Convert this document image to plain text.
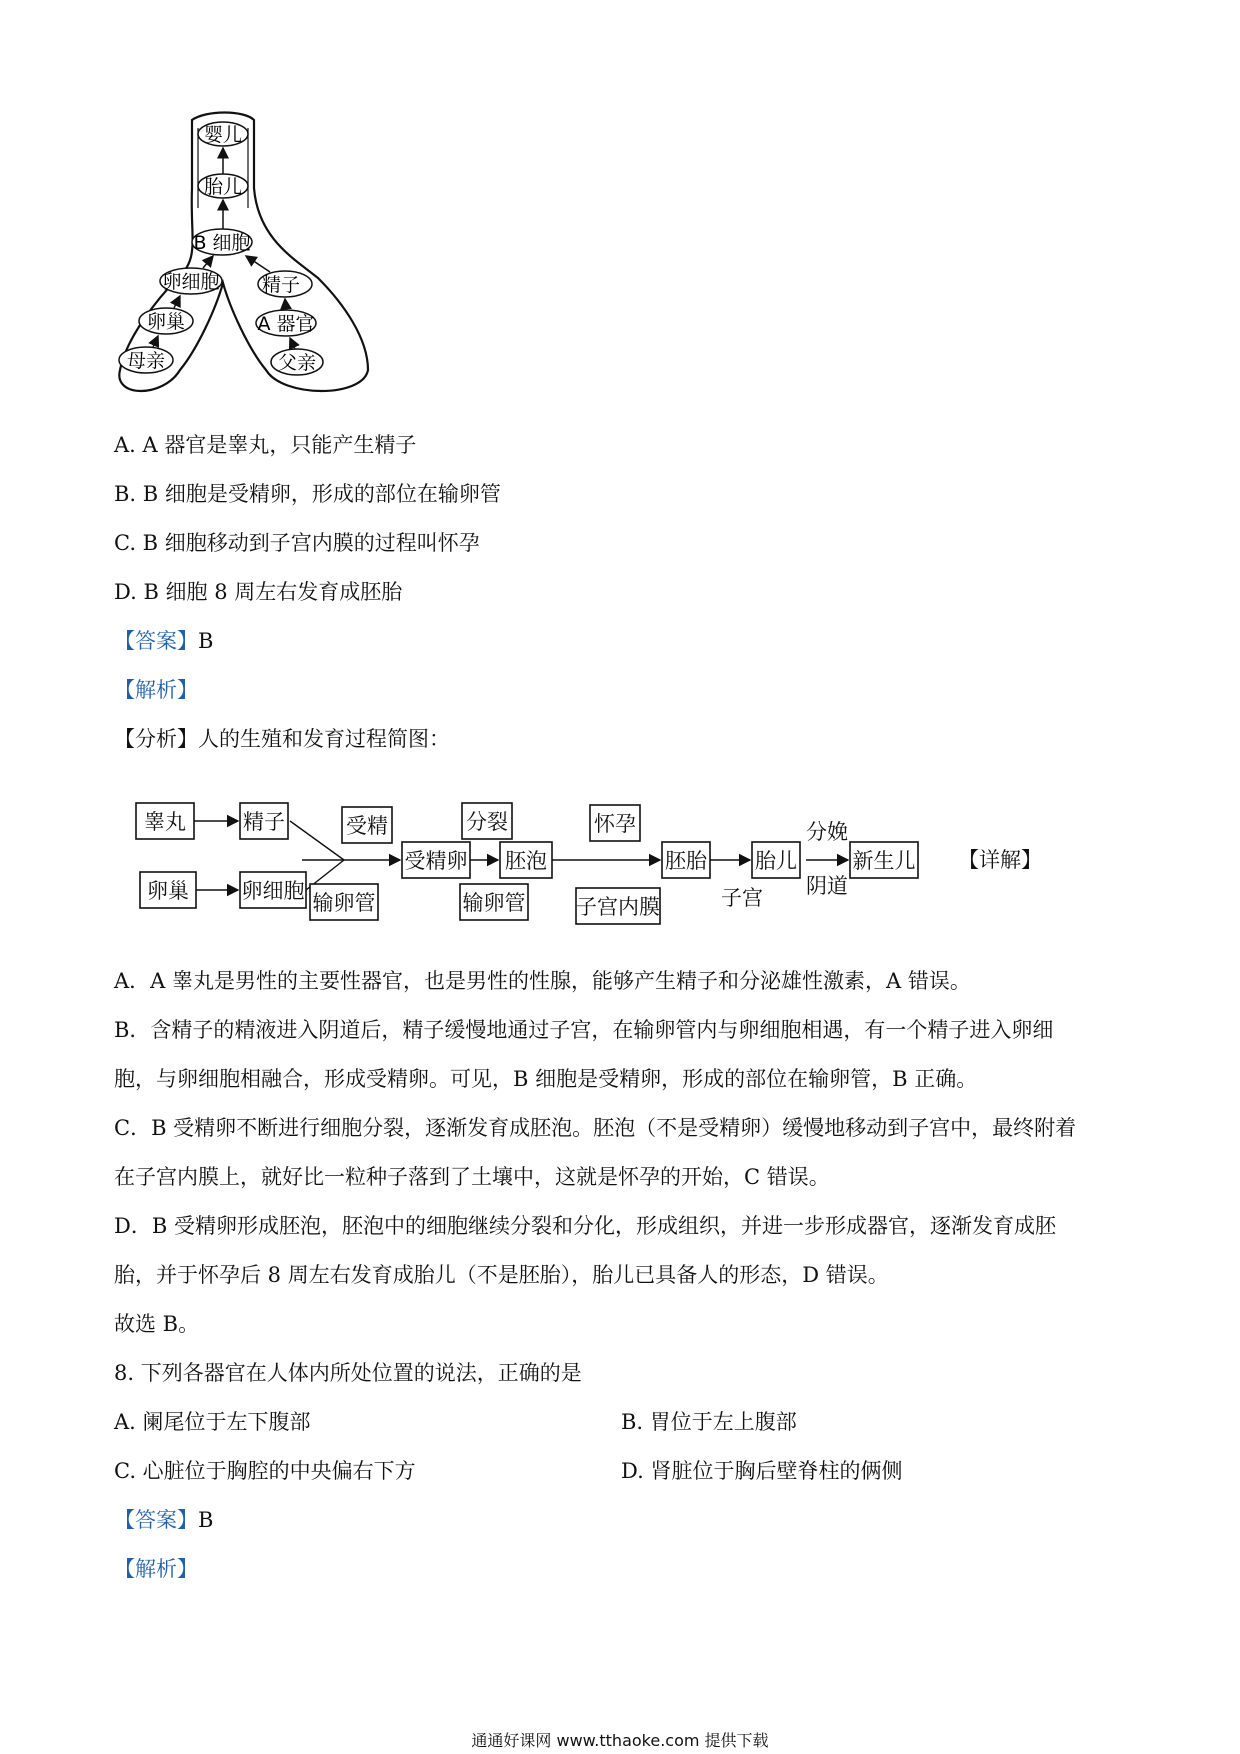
婴儿
胎儿
B 细胞
卵细胞 精子
卵巢	A 器官
母亲	父亲
A. A 器官是睾丸，只能产生精子
B. B 细胞是受精卵，形成的部位在输卵管
C. B 细胞移动到子宫内膜的过程叫怀孕
D. B 细胞 8 周左右发育成胚胎
【答案】B
【解析】
【分析】人的生殖和发育过程简图：
睾丸	精子
卵巢	卵细胞
受精
受精卵
输卵管
分裂
胚泡
输卵管
怀孕
子宫内膜
胚胎
子宫
胎儿
分娩
阴道
新生儿 【详解】
A．A 睾丸是男性的主要性器官，也是男性的性腺，能够产生精子和分泌雄性激素，A 错误。
B．含精子的精液进入阴道后，精子缓慢地通过子宫，在输卵管内与卵细胞相遇，有一个精子进入卵细
胞，与卵细胞相融合，形成受精卵。可见，B 细胞是受精卵，形成的部位在输卵管，B 正确。
C．B 受精卵不断进行细胞分裂，逐渐发育成胚泡。胚泡（不是受精卵）缓慢地移动到子宫中，最终附着
在子宫内膜上，就好比一粒种子落到了土壤中，这就是怀孕的开始，C 错误。
D．B 受精卵形成胚泡，胚泡中的细胞继续分裂和分化，形成组织，并进一步形成器官，逐渐发育成胚
胎，并于怀孕后 8 周左右发育成胎儿（不是胚胎），胎儿已具备人的形态，D 错误。
故选 B。
8. 下列各器官在人体内所处位置的说法，正确的是
A. 阑尾位于左下腹部	B. 胃位于左上腹部
C. 心脏位于胸腔的中央偏右下方	D. 肾脏位于胸后壁脊柱的俩侧
【答案】B
【解析】
通通好课网 www.tthaoke.com 提供下载
